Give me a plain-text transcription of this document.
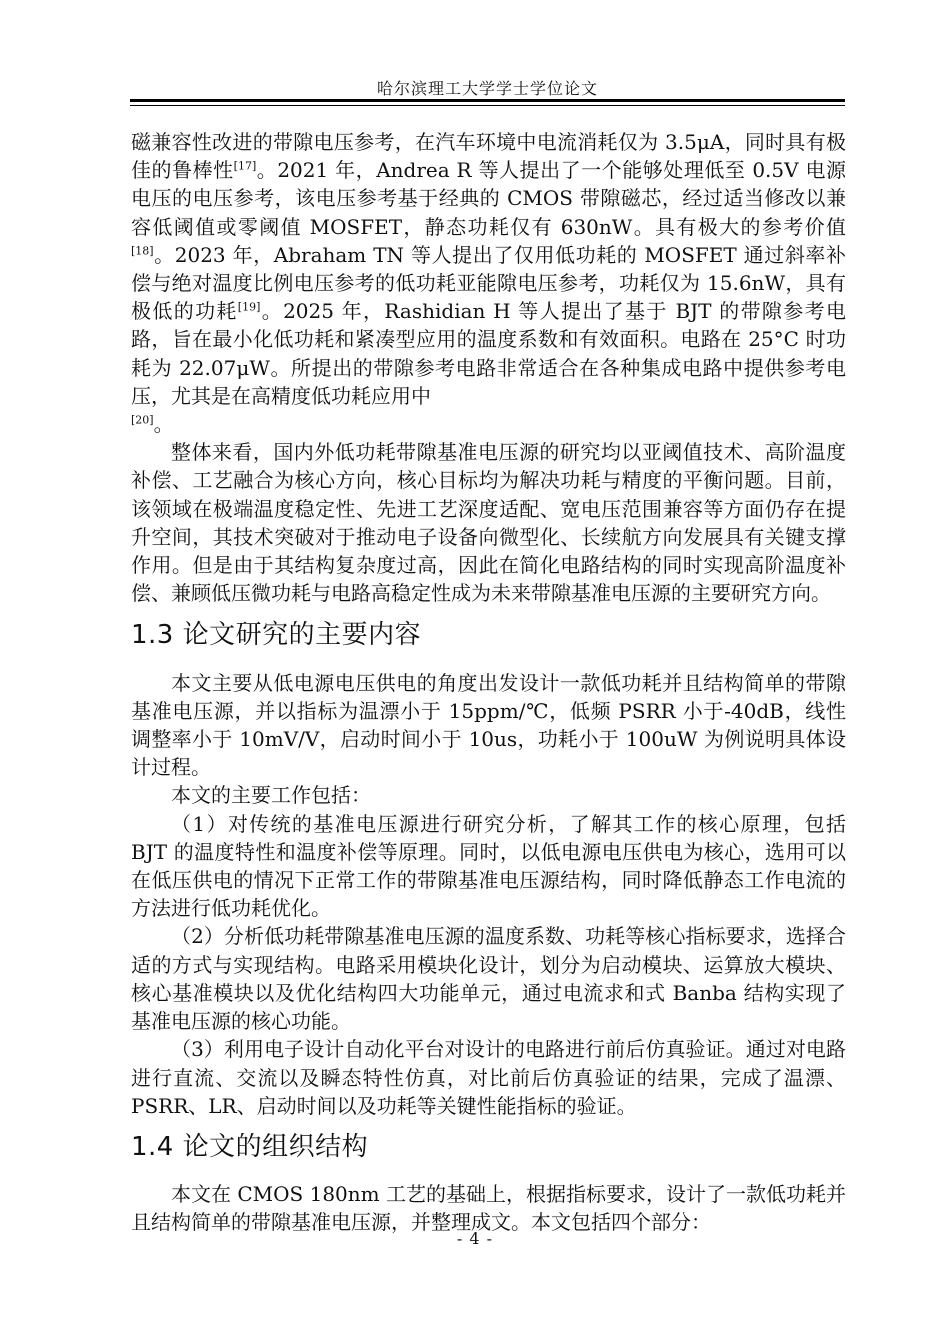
哈尔滨理工大学学士学位论文

磁兼容性改进的带隙电压参考，在汽车环境中电流消耗仅为 3.5μA，同时具有极佳的鲁棒性[17]。2021 年，Andrea R 等人提出了一个能够处理低至 0.5V 电源电压的电压参考，该电压参考基于经典的 CMOS 带隙磁芯，经过适当修改以兼容低阈值或零阈值 MOSFET，静态功耗仅有 630nW。具有极大的参考价值[18]。2023 年，Abraham TN 等人提出了仅用低功耗的 MOSFET 通过斜率补偿与绝对温度比例电压参考的低功耗亚能隙电压参考，功耗仅为 15.6nW，具有极低的功耗[19]。2025 年，Rashidian H 等人提出了基于 BJT 的带隙参考电路，旨在最小化低功耗和紧凑型应用的温度系数和有效面积。电路在 25°C 时功耗为 22.07μW。所提出的带隙参考电路非常适合在各种集成电路中提供参考电压，尤其是在高精度低功耗应用中
[20]。

整体来看，国内外低功耗带隙基准电压源的研究均以亚阈值技术、高阶温度补偿、工艺融合为核心方向，核心目标均为解决功耗与精度的平衡问题。目前，该领域在极端温度稳定性、先进工艺深度适配、宽电压范围兼容等方面仍存在提升空间，其技术突破对于推动电子设备向微型化、长续航方向发展具有关键支撑作用。但是由于其结构复杂度过高，因此在简化电路结构的同时实现高阶温度补偿、兼顾低压微功耗与电路高稳定性成为未来带隙基准电压源的主要研究方向。

1.3 论文研究的主要内容

本文主要从低电源电压供电的角度出发设计一款低功耗并且结构简单的带隙基准电压源，并以指标为温漂小于 15ppm/℃，低频 PSRR 小于-40dB，线性调整率小于 10mV/V，启动时间小于 10us，功耗小于 100uW 为例说明具体设计过程。

本文的主要工作包括：

（1）对传统的基准电压源进行研究分析，了解其工作的核心原理，包括 BJT 的温度特性和温度补偿等原理。同时，以低电源电压供电为核心，选用可以在低压供电的情况下正常工作的带隙基准电压源结构，同时降低静态工作电流的方法进行低功耗优化。

（2）分析低功耗带隙基准电压源的温度系数、功耗等核心指标要求，选择合适的方式与实现结构。电路采用模块化设计，划分为启动模块、运算放大模块、核心基准模块以及优化结构四大功能单元，通过电流求和式 Banba 结构实现了基准电压源的核心功能。

（3）利用电子设计自动化平台对设计的电路进行前后仿真验证。通过对电路进行直流、交流以及瞬态特性仿真，对比前后仿真验证的结果，完成了温漂、PSRR、LR、启动时间以及功耗等关键性能指标的验证。

1.4 论文的组织结构

本文在 CMOS 180nm 工艺的基础上，根据指标要求，设计了一款低功耗并且结构简单的带隙基准电压源，并整理成文。本文包括四个部分：

- 4 -
